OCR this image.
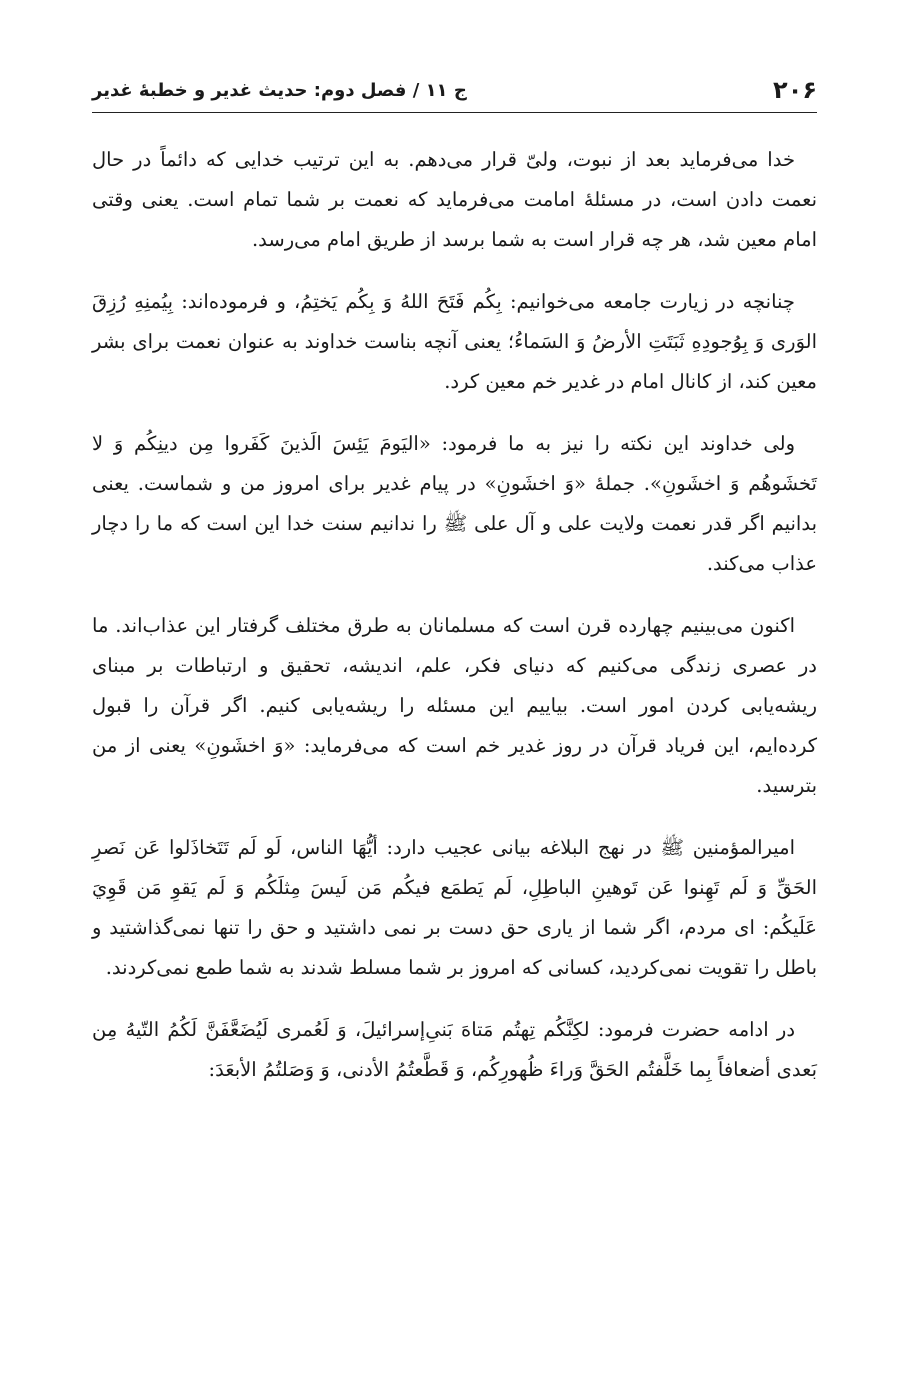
۲۰۶
ج ۱۱ / فصل دوم: حدیث غدیر و خطبهٔ غدیر

خدا می‌فرماید بعد از نبوت، ولیّ قرار می‌دهم. به این ترتیب خدایی که دائماً در حال نعمت دادن است، در مسئلهٔ امامت می‌فرماید که نعمت بر شما تمام است. یعنی وقتی امام معین شد، هر چه قرار است به شما برسد از طریق امام می‌رسد.

چنانچه در زیارت جامعه می‌خوانیم: بِكُم فَتَحَ اللهُ وَ بِكُم يَختِمُ، و فرموده‌اند: بِيُمنِهِ رُزِقَ الوَرى وَ بِوُجودِهِ ثَبَتَتِ الأرضُ وَ السَماءُ؛ یعنی آنچه بناست خداوند به عنوان نعمت برای بشر معین کند، از کانال امام در غدیر خم معین کرد.

ولی خداوند این نکته را نیز به ما فرمود: «اليَومَ يَئِسَ الَذينَ كَفَروا مِن دينِكُم وَ لا تَخشَوهُم وَ اخشَونِ». جملهٔ «وَ اخشَونِ» در پیام غدیر برای امروز من و شماست. یعنی بدانیم اگر قدر نعمت ولایت علی و آل علی ﷺ را ندانیم سنت خدا این است که ما را دچار عذاب می‌کند.

اکنون می‌بینیم چهارده قرن است که مسلمانان به طرق مختلف گرفتار این عذاب‌اند. ما در عصری زندگی می‌کنیم که دنیای فکر، علم، اندیشه، تحقیق و ارتباطات بر مبنای ریشه‌یابی کردن امور است. بیاییم این مسئله را ریشه‌یابی کنیم. اگر قرآن را قبول کرده‌ایم، این فریاد قرآن در روز غدیر خم است که می‌فرماید: «وَ اخشَونِ» یعنی از من بترسید.

امیرالمؤمنین ﷺ در نهج البلاغه بیانی عجیب دارد: أيُّهَا الناس، لَو لَم تَتَخاذَلوا عَن نَصرِ الحَقِّ وَ لَم تَهِنوا عَن تَوهينِ الباطِلِ، لَم يَطمَع فيكُم مَن لَيسَ مِثلَكُم وَ لَم يَقوِ مَن قَوِيَ عَلَيكُم: ای مردم، اگر شما از یاری حق دست بر نمی داشتید و حق را تنها نمی‌گذاشتید و باطل را تقویت نمی‌کردید، کسانی که امروز بر شما مسلط شدند به شما طمع نمی‌کردند.

در ادامه حضرت فرمود: لكِنَّكُم تِهتُم مَتاهَ بَنىِ‌إسرائيلَ، وَ لَعُمرى لَيُضَعَّفَنَّ لَكُمُ التّيهُ مِن بَعدى أضعافاً بِما خَلَّفتُم الحَقَّ وَراءَ ظُهورِكُم، وَ قَطَّعتُمُ الأدنى، وَ وَصَلتُمُ الأبعَدَ:
